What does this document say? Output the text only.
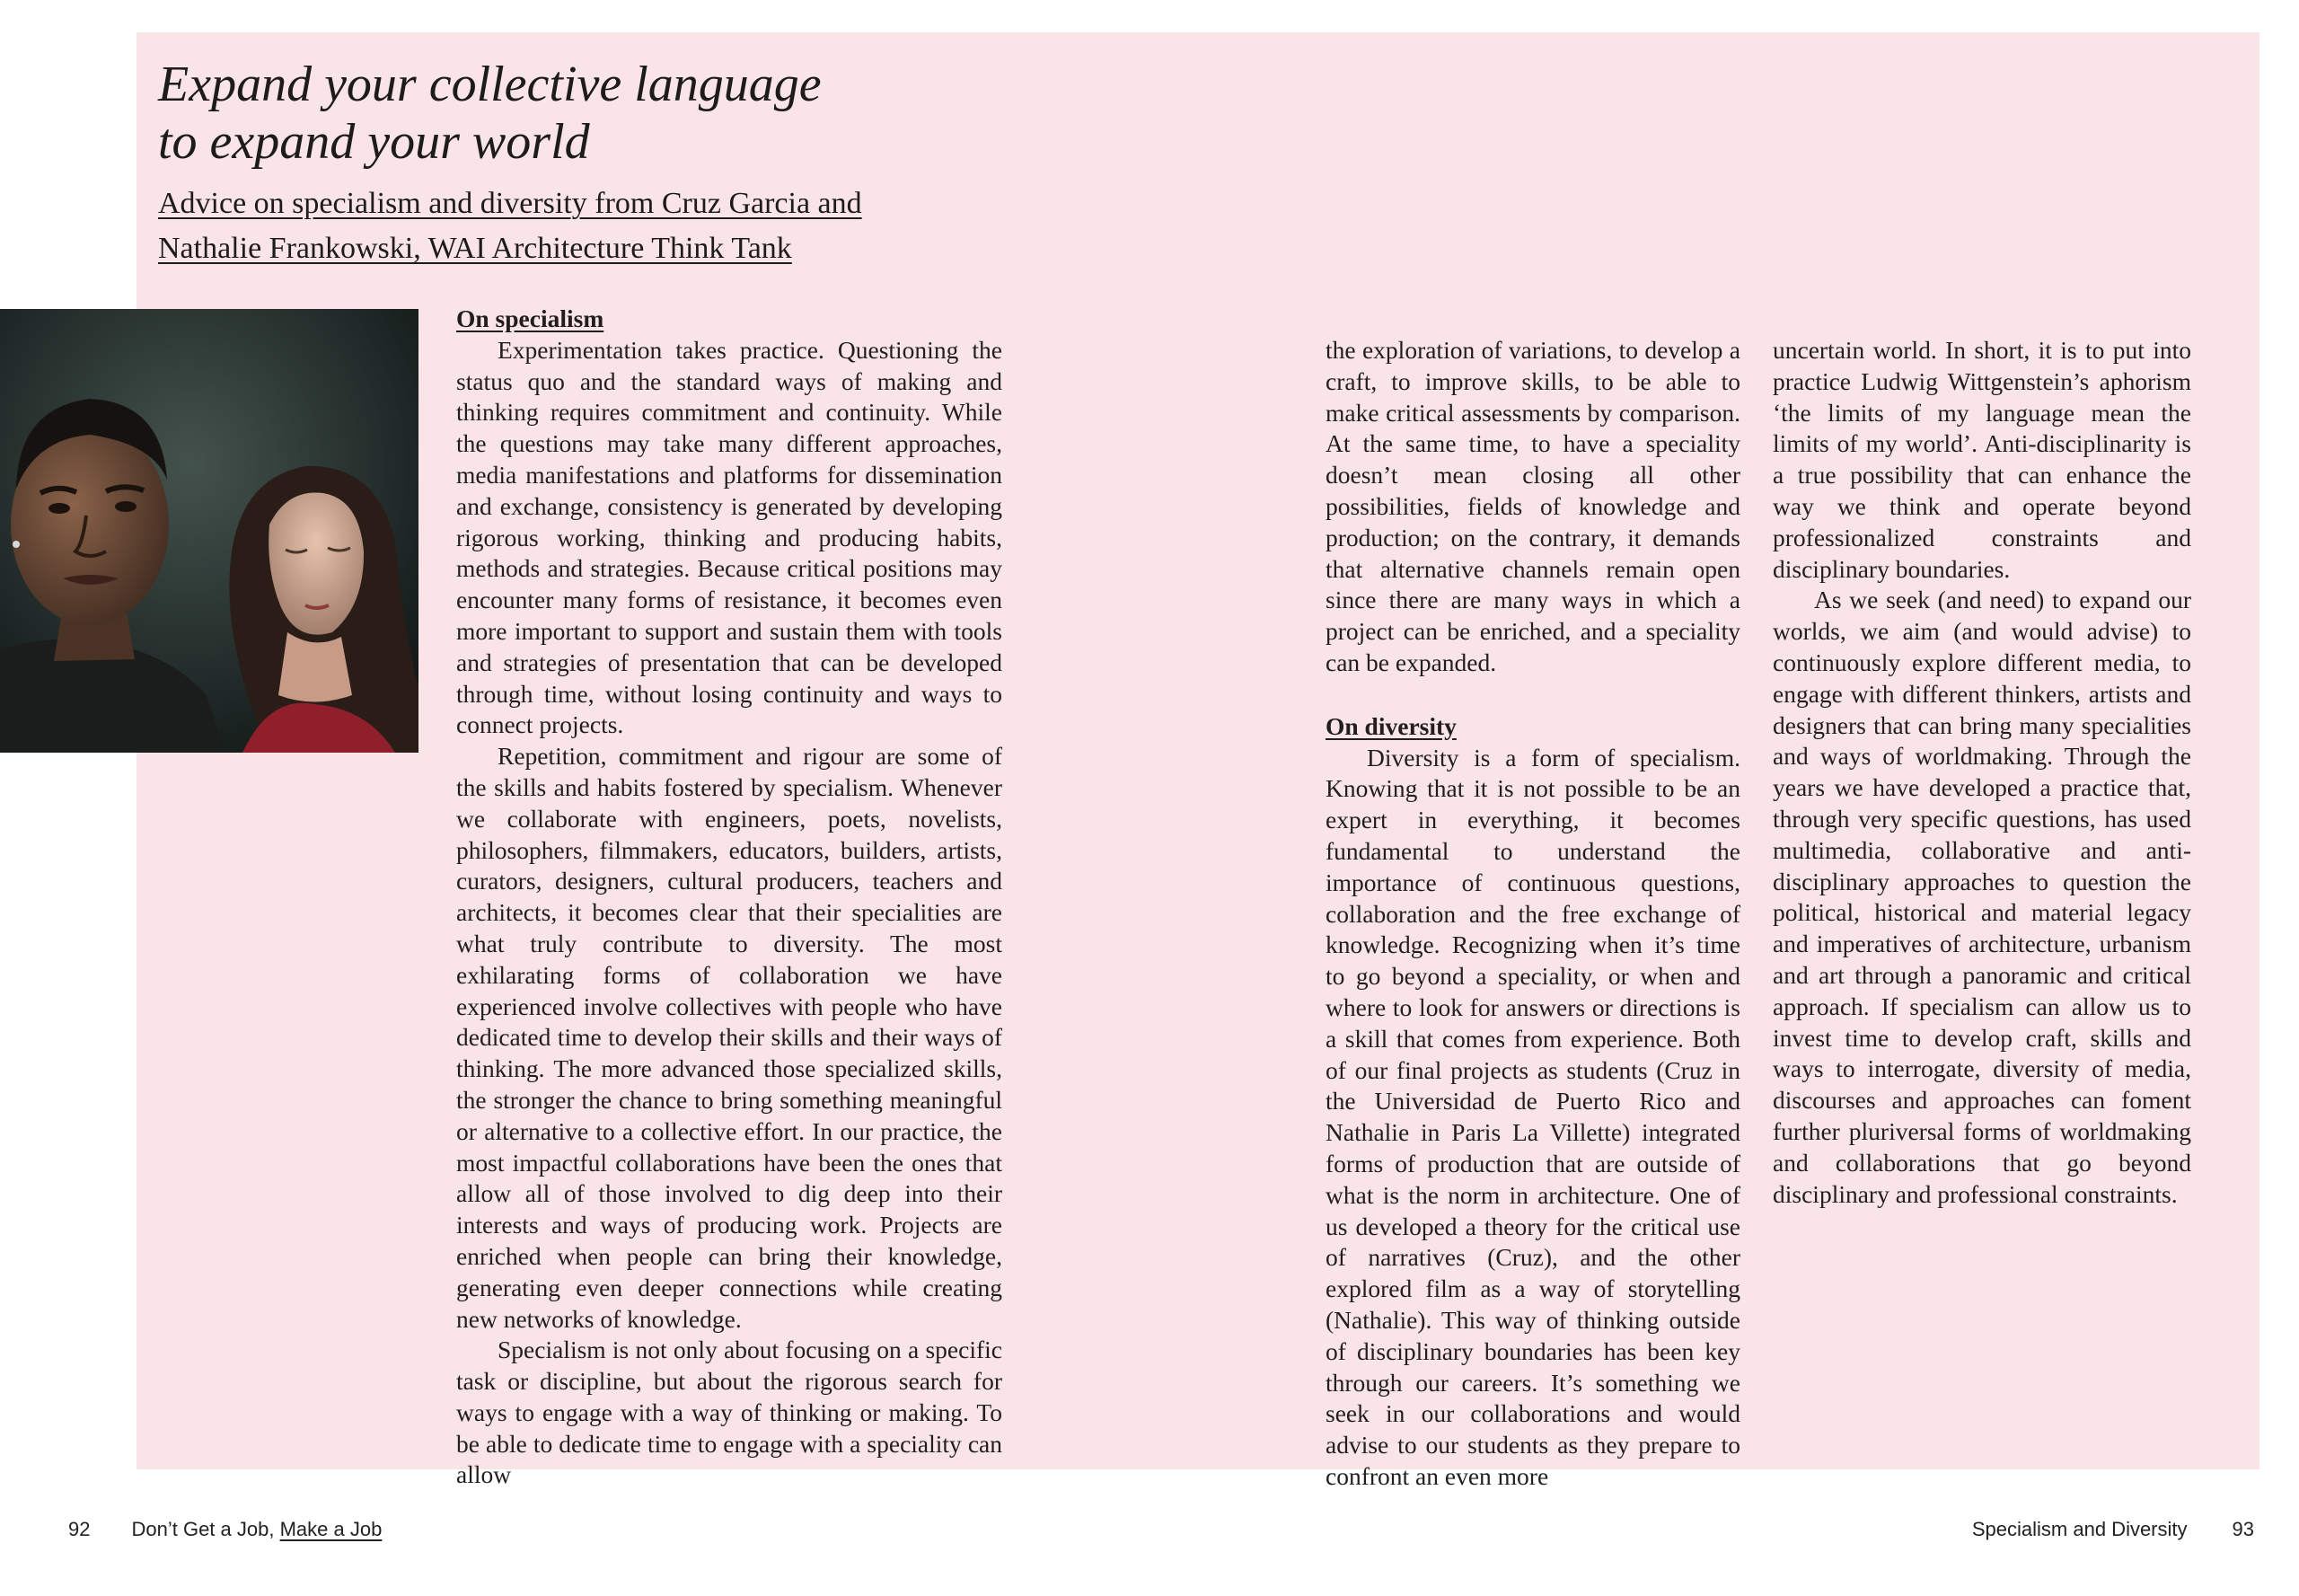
Expand your collective language
to expand your world
Advice on specialism and diversity from Cruz Garcia and
Nathalie Frankowski, WAI Architecture Think Tank
On specialism

Experimentation takes practice. Questioning the status quo and the standard ways of making and thinking requires commitment and continuity. While the questions may take many different approaches, media manifestations and platforms for dissemination and exchange, consistency is generated by developing rigorous working, thinking and producing habits, methods and strategies. Because critical positions may encounter many forms of resistance, it becomes even more important to support and sustain them with tools and strategies of presentation that can be developed through time, without losing continuity and ways to connect projects.

Repetition, commitment and rigour are some of the skills and habits fostered by specialism. Whenever we collaborate with engineers, poets, novelists, philosophers, filmmakers, educators, builders, artists, curators, designers, cultural producers, teachers and architects, it becomes clear that their specialities are what truly contribute to diversity. The most exhilarating forms of collaboration we have experienced involve collectives with people who have dedicated time to develop their skills and their ways of thinking. The more advanced those specialized skills, the stronger the chance to bring something meaningful or alternative to a collective effort. In our practice, the most impactful collaborations have been the ones that allow all of those involved to dig deep into their interests and ways of producing work. Projects are enriched when people can bring their knowledge, generating even deeper connections while creating new networks of knowledge.

Specialism is not only about focusing on a specific task or discipline, but about the rigorous search for ways to engage with a way of thinking or making. To be able to dedicate time to engage with a speciality can allow

the exploration of variations, to develop a craft, to improve skills, to be able to make critical assessments by comparison. At the same time, to have a speciality doesn’t mean closing all other possibilities, fields of knowledge and production; on the contrary, it demands that alternative channels remain open since there are many ways in which a project can be enriched, and a speciality can be expanded.

On diversity

Diversity is a form of specialism. Knowing that it is not possible to be an expert in everything, it becomes fundamental to understand the importance of continuous questions, collaboration and the free exchange of knowledge. Recognizing when it’s time to go beyond a speciality, or when and where to look for answers or directions is a skill that comes from experience. Both of our final projects as students (Cruz in the Universidad de Puerto Rico and Nathalie in Paris La Villette) integrated forms of production that are outside of what is the norm in architecture. One of us developed a theory for the critical use of narratives (Cruz), and the other explored film as a way of storytelling (Nathalie). This way of thinking outside of disciplinary boundaries has been key through our careers. It’s something we seek in our collaborations and would advise to our students as they prepare to confront an even more

uncertain world. In short, it is to put into practice Ludwig Wittgenstein’s aphorism ‘the limits of my language mean the limits of my world’. Anti-disciplinarity is a true possibility that can enhance the way we think and operate beyond professionalized constraints and disciplinary boundaries.

As we seek (and need) to expand our worlds, we aim (and would advise) to continuously explore different media, to engage with different thinkers, artists and designers that can bring many specialities and ways of worldmaking. Through the years we have developed a practice that, through very specific questions, has used multimedia, collaborative and anti-disciplinary approaches to question the political, historical and material legacy and imperatives of architecture, urbanism and art through a panoramic and critical approach. If specialism can allow us to invest time to develop craft, skills and ways to interrogate, diversity of media, discourses and approaches can foment further pluriversal forms of worldmaking and collaborations that go beyond disciplinary and professional constraints.

92 Don’t Get a Job, Make a Job	Specialism and Diversity 93
